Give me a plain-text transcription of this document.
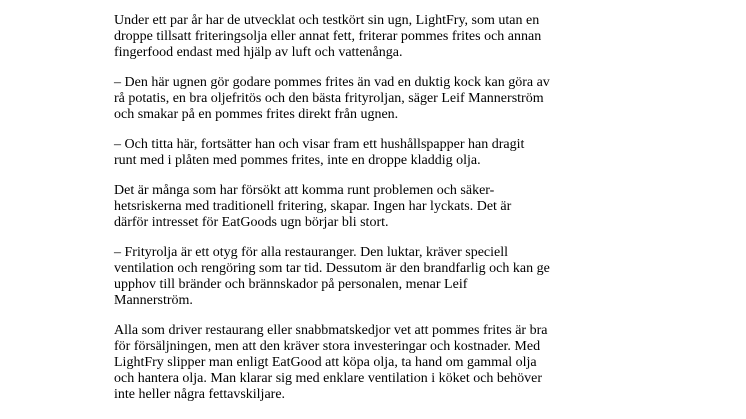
Under ett par år har de utvecklat och testkört sin ugn, LightFry, som utan en
droppe tillsatt friteringsolja eller annat fett, friterar pommes frites och annan
fingerfood endast med hjälp av luft och vattenånga.

– Den här ugnen gör godare pommes frites än vad en duktig kock kan göra av
rå potatis, en bra oljefritös och den bästa frityroljan, säger Leif Mannerström
och smakar på en pommes frites direkt från ugnen.

– Och titta här, fortsätter han och visar fram ett hushållspapper han dragit
runt med i plåten med pommes frites, inte en droppe kladdig olja.

Det är många som har försökt att komma runt problemen och säker-
hetsriskerna med traditionell fritering, skapar. Ingen har lyckats. Det är
därför intresset för EatGoods ugn börjar bli stort.

– Frityrolja är ett otyg för alla restauranger. Den luktar, kräver speciell
ventilation och rengöring som tar tid. Dessutom är den brandfarlig och kan ge
upphov till bränder och brännskador på personalen, menar Leif
Mannerström.

Alla som driver restaurang eller snabbmatskedjor vet att pommes frites är bra
för försäljningen, men att den kräver stora investeringar och kostnader. Med
LightFry slipper man enligt EatGood att köpa olja, ta hand om gammal olja
och hantera olja. Man klarar sig med enklare ventilation i köket och behöver
inte heller några fettavskiljare.
